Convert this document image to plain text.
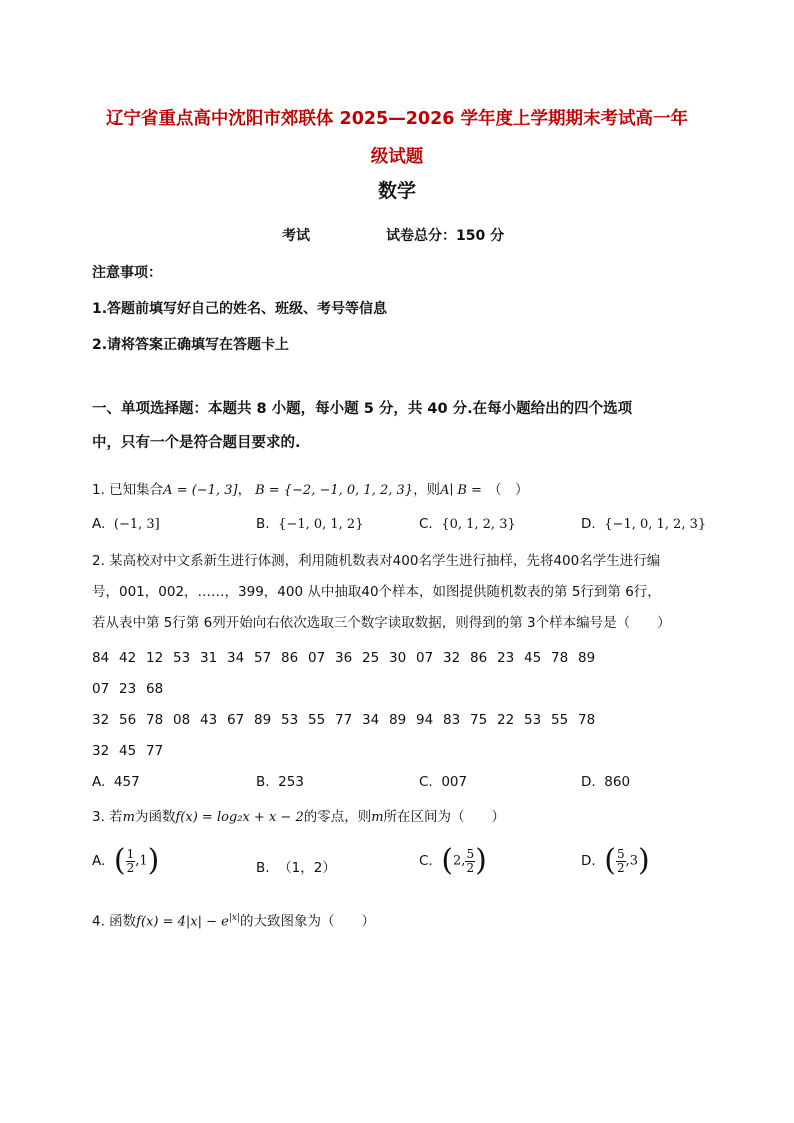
辽宁省重点高中沈阳市郊联体 2025—2026 学年度上学期期末考试高一年
级试题
数学
考试	试卷总分：150 分
注意事项：
1.答题前填写好自己的姓名、班级、考号等信息
2.请将答案正确填写在答题卡上
一、单项选择题：本题共 8 小题，每小题 5 分，共 40 分.在每小题给出的四个选项
中，只有一个是符合题目要求的.
1. 已知集合A = (−1, 3]， B = {−2, −1, 0, 1, 2, 3}，则A∣ B = （　）
A. (−1, 3]	B. {−1, 0, 1, 2}	C. {0, 1, 2, 3}	D. {−1, 0, 1, 2, 3}
2. 某高校对中文系新生进行体测，利用随机数表对400名学生进行抽样，先将400名学生进行编
号，001，002，……，399，400 从中抽取40个样本，如图提供随机数表的第 5行到第 6行，
若从表中第 5行第 6列开始向右依次选取三个数字读取数据，则得到的第 3个样本编号是（　　）
84 42 12 53 31 34 57 86 07 36 25 30 07 32 86 23 45 78 89
07 23 68
32 56 78 08 43 67 89 53 55 77 34 89 94 83 75 22 53 55 78
32 45 77
A. 457	B. 253	C. 007	D. 860
3. 若m为函数f(x) = log₂x + x − 2的零点，则m所在区间为（　　）
A. ( $\frac{1}{2} ,1$)	B. （1，2）	C. (2, $\frac{5}{2}$ )	D. ( $\frac{5}{2} ,3$)
4. 函数$f(x) = 4|x| - e^{|x|}$的大致图象为（　　）
